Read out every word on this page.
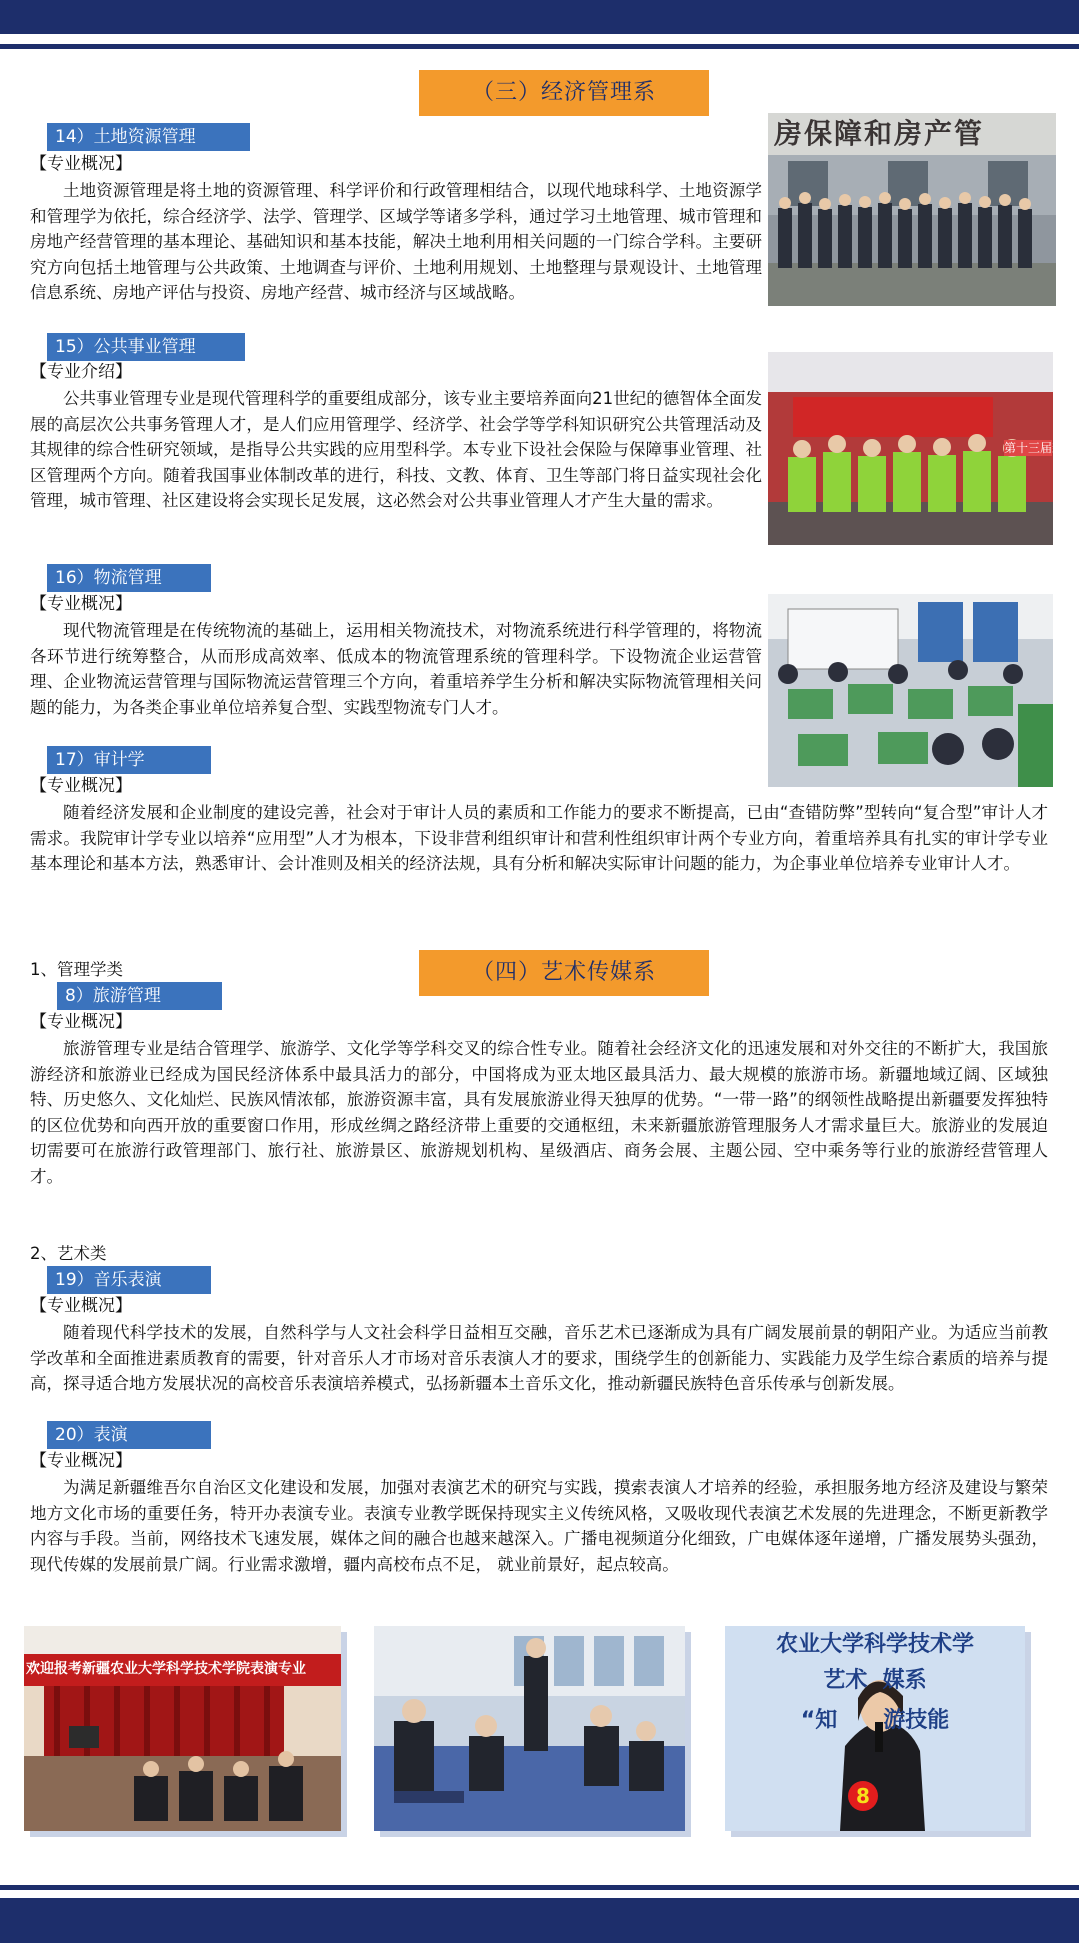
（三）经济管理系
14）土地资源管理
【专业概况】

土地资源管理是将土地的资源管理、科学评价和行政管理相结合，以现代地球科学、土地资源学和管理学为依托，综合经济学、法学、管理学、区域学等诸多学科，通过学习土地管理、城市管理和房地产经营管理的基本理论、基础知识和基本技能，解决土地利用相关问题的一门综合学科。主要研究方向包括土地管理与公共政策、土地调查与评价、土地利用规划、土地整理与景观设计、土地管理信息系统、房地产评估与投资、房地产经营、城市经济与区域战略。

房保障和房产管
15）公共事业管理
【专业介绍】

公共事业管理专业是现代管理科学的重要组成部分，该专业主要培养面向21世纪的德智体全面发展的高层次公共事务管理人才，是人们应用管理学、经济学、社会学等学科知识研究公共管理活动及其规律的综合性研究领域，是指导公共实践的应用型科学。本专业下设社会保险与保障事业管理、社区管理两个方向。随着我国事业体制改革的进行，科技、文教、体育、卫生等部门将日益实现社会化管理，城市管理、社区建设将会实现长足发展，这必然会对公共事业管理人才产生大量的需求。

第十三届新疆
16）物流管理
【专业概况】

现代物流管理是在传统物流的基础上，运用相关物流技术，对物流系统进行科学管理的，将物流各环节进行统筹整合，从而形成高效率、低成本的物流管理系统的管理科学。下设物流企业运营管理、企业物流运营管理与国际物流运营管理三个方向，着重培养学生分析和解决实际物流管理相关问题的能力，为各类企事业单位培养复合型、实践型物流专门人才。

17）审计学
【专业概况】

随着经济发展和企业制度的建设完善，社会对于审计人员的素质和工作能力的要求不断提高，已由“查错防弊”型转向“复合型”审计人才需求。我院审计学专业以培养“应用型”人才为根本，下设非营利组织审计和营利性组织审计两个专业方向，着重培养具有扎实的审计学专业基本理论和基本方法，熟悉审计、会计准则及相关的经济法规，具有分析和解决实际审计问题的能力，为企事业单位培养专业审计人才。

1、管理学类	（四）艺术传媒系
8）旅游管理
【专业概况】

旅游管理专业是结合管理学、旅游学、文化学等学科交叉的综合性专业。随着社会经济文化的迅速发展和对外交往的不断扩大，我国旅游经济和旅游业已经成为国民经济体系中最具活力的部分，中国将成为亚太地区最具活力、最大规模的旅游市场。新疆地域辽阔、区域独特、历史悠久、文化灿烂、民族风情浓郁，旅游资源丰富，具有发展旅游业得天独厚的优势。“一带一路”的纲领性战略提出新疆要发挥独特的区位优势和向西开放的重要窗口作用，形成丝绸之路经济带上重要的交通枢纽，未来新疆旅游管理服务人才需求量巨大。旅游业的发展迫切需要可在旅游行政管理部门、旅行社、旅游景区、旅游规划机构、星级酒店、商务会展、主题公园、空中乘务等行业的旅游经营管理人才。

2、艺术类
19）音乐表演
【专业概况】

随着现代科学技术的发展，自然科学与人文社会科学日益相互交融，音乐艺术已逐渐成为具有广阔发展前景的朝阳产业。为适应当前教学改革和全面推进素质教育的需要，针对音乐人才市场对音乐表演人才的要求，围绕学生的创新能力、实践能力及学生综合素质的培养与提高，探寻适合地方发展状况的高校音乐表演培养模式，弘扬新疆本土音乐文化，推动新疆民族特色音乐传承与创新发展。

20）表演
【专业概况】

为满足新疆维吾尔自治区文化建设和发展，加强对表演艺术的研究与实践，摸索表演人才培养的经验，承担服务地方经济及建设与繁荣地方文化市场的重要任务，特开办表演专业。表演专业教学既保持现实主义传统风格，又吸收现代表演艺术发展的先进理念，不断更新教学内容与手段。当前，网络技术飞速发展，媒体之间的融合也越来越深入。广播电视频道分化细致，广电媒体逐年递增，广播发展势头强劲，现代传媒的发展前景广阔。行业需求激增，疆内高校布点不足， 就业前景好，起点较高。

欢迎报考新疆农业大学科学技术学院表演专业
农业大学科学技术学
艺术  媒系
“知      游技能
8
